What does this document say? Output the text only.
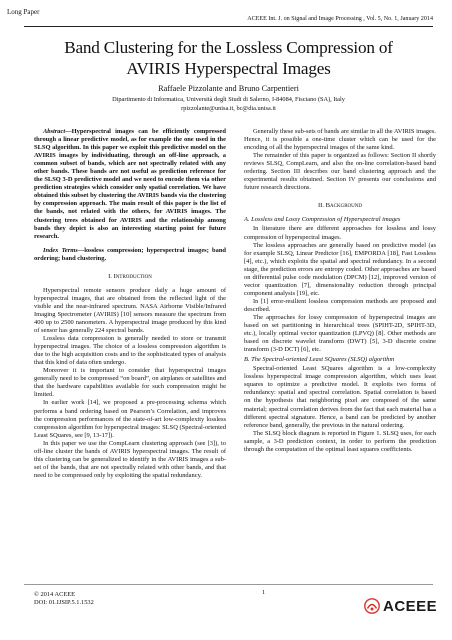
Long Paper
ACEEE Int. J. on Signal and Image Processing , Vol. 5, No. 1, January 2014
Band Clustering for the Lossless Compression of
AVIRIS Hyperspectral Images
Raffaele Pizzolante and Bruno Carpentieri
Dipartimento di Informatica, Università degli Studi di Salerno, I-84084, Fisciano (SA), Italy
rpizzolante@unisa.it, bc@dia.unisa.it

Abstract—Hyperspectral images can be efficiently compressed through a linear predictive model, as for example the one used in the SLSQ algorithm. In this paper we exploit this predictive model on the AVIRIS images by individuating, through an off-line approach, a common subset of bands, which are not spectrally related with any other bands. These bands are not useful as prediction reference for the SLSQ 3-D predictive model and we need to encode them via other prediction strategies which consider only spatial correlation. We have obtained this subset by clustering the AVIRIS bands via the clustering by compression approach. The main result of this paper is the list of the bands, not related with the others, for AVIRIS images. The clustering trees obtained for AVIRIS and the relationship among bands they depict is also an interesting starting point for future research.

Index Terms—lossless compression; hyperspectral images; band ordering; band clustering.

I. Introduction

Hyperspectral remote sensors produce daily a huge amount of hyperspectral images, that are obtained from the reflected light of the visible and the near-infrared spectrum. NASA Airborne Visible/Infrared Imaging Spectrometer (AVIRIS) [10] sensors measure the spectrum from 400 up to 2500 nanometers. A hyperspectral image produced by this kind of sensor has generally 224 spectral bands.

Lossless data compression is generally needed to store or transmit hyperspectral images. The choice of a lossless compression algorithm is due to the high acquisition costs and to the sophisticated types of analysis that this kind of data often undergo.

Moreover it is important to consider that hyperspectral images generally need to be compressed “on board”, on airplanes or satellites and that the hardware capabilities available for such compression might be limited.

In earlier work [14], we proposed a pre-processing schema which performs a band ordering based on Pearson’s Correlation, and improves the compression performances of the state-of-art low-complexity lossless compression algorithm for hyperspectral images: SLSQ (Spectral-oriented Least SQuares, see [9, 13-17]).

In this paper we use the CompLearn clustering approach (see [3]), to off-line cluster the bands of AVIRIS hyperspectral images. The result of this clustering can be generalized to identify in the AVIRIS images a sub-set of the bands, that are not spectrally related with other bands, and that need to be compressed only by exploiting the spatial redundancy.

Generally these sub-sets of bands are similar in all the AVIRIS images. Hence, it is possible a one-time cluster which can be used for the encoding of all the hyperspectral images of the same kind.

The remainder of this paper is organized as follows: Section II shortly reviews SLSQ, CompLearn, and also the on-line correlation-based band ordering. Section III describes our band clustering approach and the experimental results obtained. Section IV presents our conclusions and future research directions.

II. Background
A. Lossless and Lossy Compression of Hyperspectral images

In literature there are different approaches for lossless and lossy compression of hyperspectral images.

The lossless approaches are generally based on predictive model (as for example SLSQ, Linear Predictor [16], EMPORDA [18], Fast Lossless [4], etc.), which exploits the spatial and spectral redundancy. In a second stage, the prediction errors are entropy coded. Other approaches are based on differential pulse code modulation (DPCM) [12], improved version of vector quantization [7], dimensionality reduction through principal component analysis [19], etc.

In [1] error-resilient lossless compression methods are proposed and described.

The approaches for lossy compression of hyperspectral images are based on set partitioning in hierarchical trees (SPIHT-2D, SPIHT-3D, etc.), locally optimal vector quantization (LPVQ) [8]. Other methods are based on discrete wavelet transform (DWT) [5], 3-D discrete cosine transform (3-D DCT) [6], etc.

B. The Spectral-oriented Least SQuares (SLSQ) algorithm

Spectral-oriented Least SQuares algorithm is a low-complexity lossless hyperspectral image compression algorithm, which uses least squares to optimize a predictive model. It exploits two forms of redundancy: spatial and spectral correlation. Spatial correlation is based on the hypothesis that neighboring pixel are composed of the same material; spectral correlation derives from the fact that each material has a different spectral signature. Hence, a band can be predicted by another reference band, generally, the previous in the natural ordering.

The SLSQ block diagram is reported in Figure 1. SLSQ uses, for each sample, a 3-D prediction context, in order to perform the prediction through the computation of the optimal least squares coefficients.

© 2014 ACEEE
DOI: 01.IJSIP.5.1.1532
1
ACEEE
